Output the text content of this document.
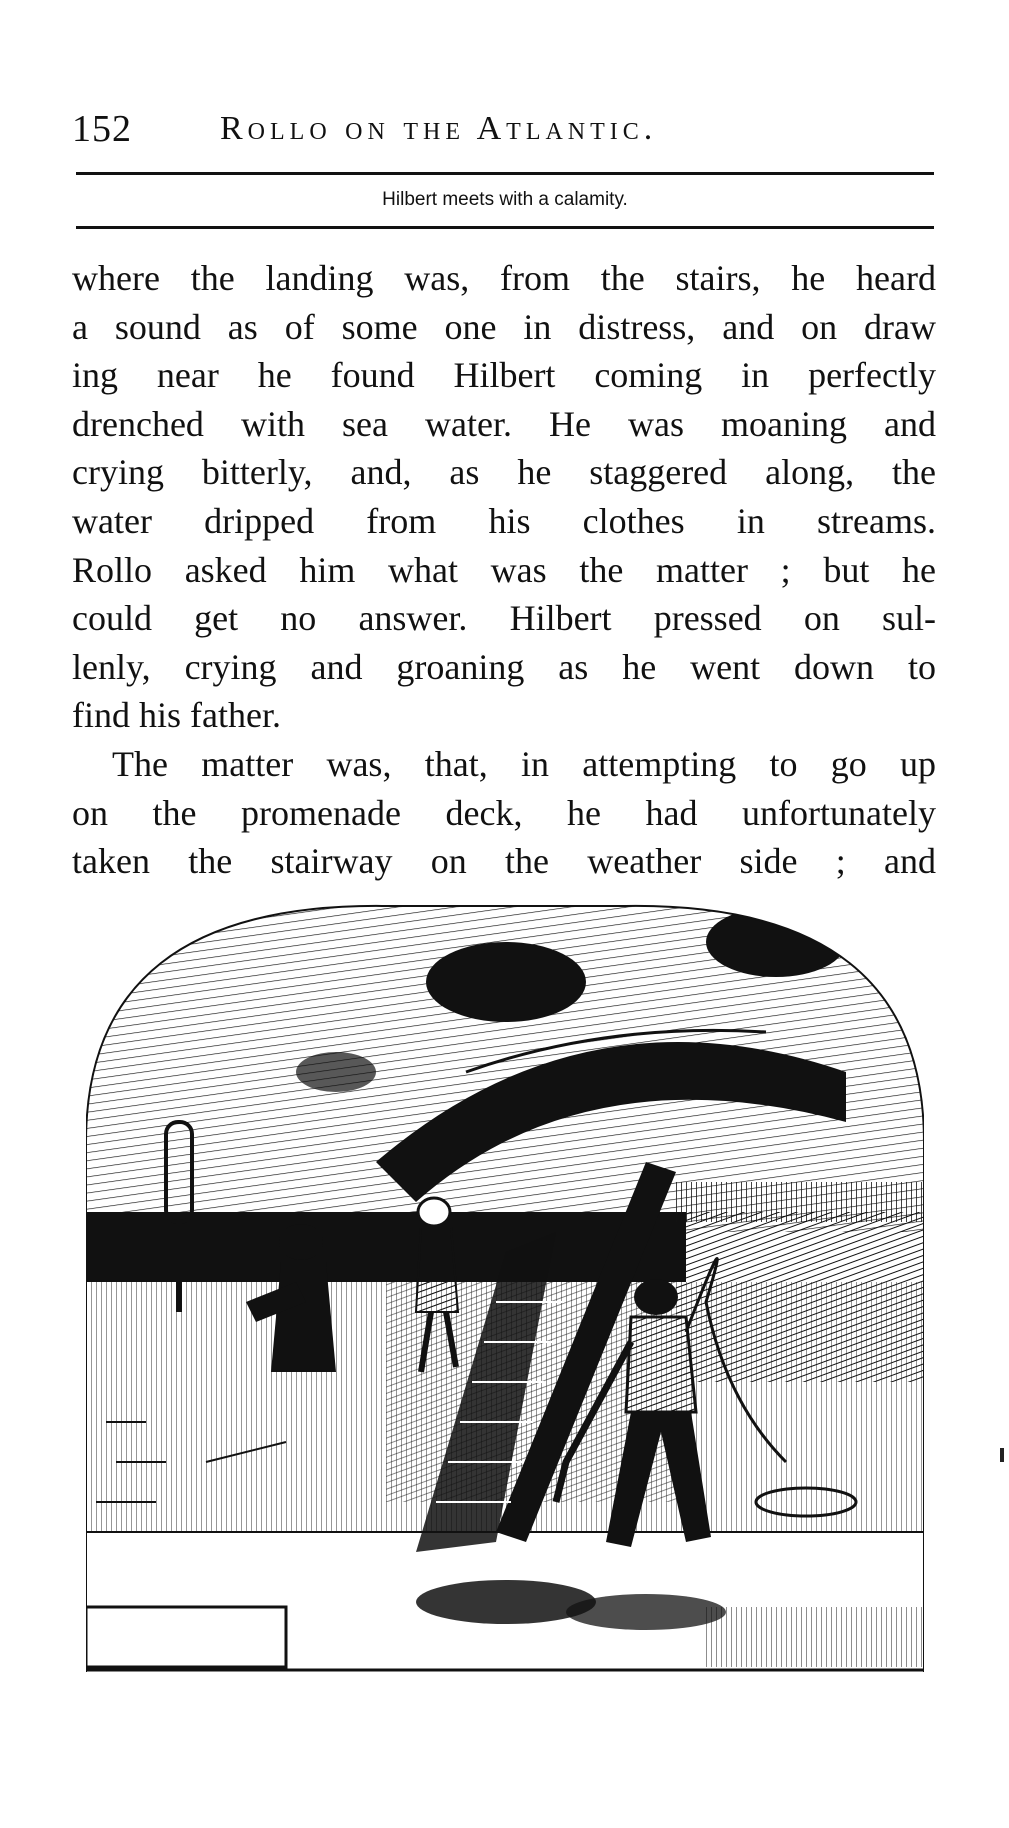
152	Rollo on the Atlantic.
Hilbert meets with a calamity.
where the landing was, from the stairs, he heard
a sound as of some one in distress, and on draw
ing near he found Hilbert coming in perfectly
drenched with sea water. He was moaning and
crying bitterly, and, as he staggered along, the
water dripped from his clothes in streams.
Rollo asked him what was the matter ; but he
could get no answer. Hilbert pressed on sul-
lenly, crying and groaning as he went down to
find his father.
The matter was, that, in attempting to go up
on the promenade deck, he had unfortunately
taken the stairway on the weather side ; and
